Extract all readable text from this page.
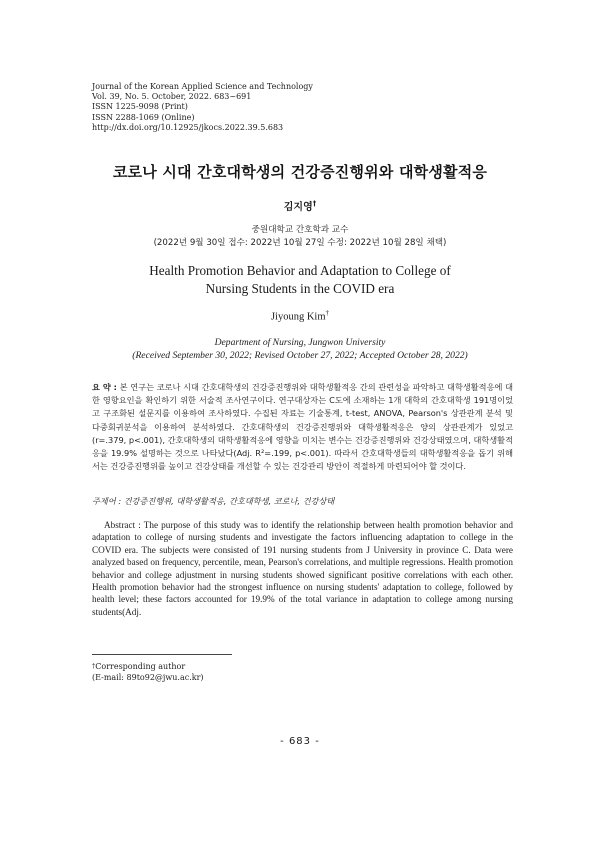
Journal of the Korean Applied Science and Technology
Vol. 39, No. 5. October, 2022. 683~691
ISSN 1225-9098 (Print)
ISSN 2288-1069 (Online)
http://dx.doi.org/10.12925/jkocs.2022.39.5.683
코로나 시대 간호대학생의 건강증진행위와 대학생활적응
김지영†
중원대학교 간호학과 교수
(2022년 9월 30일 접수: 2022년 10월 27일 수정: 2022년 10월 28일 채택)
Health Promotion Behavior and Adaptation to College of
Nursing Students in the COVID era
Jiyoung Kim†
Department of Nursing, Jungwon University
(Received September 30, 2022; Revised October 27, 2022; Accepted October 28, 2022)
요 약 : 본 연구는 코로나 시대 간호대학생의 건강증진행위와 대학생활적응 간의 관련성을 파악하고 대학생활적응에 대한 영향요인을 확인하기 위한 서술적 조사연구이다. 연구대상자는 C도에 소재하는 1개 대학의 간호대학생 191명이었고 구조화된 설문지를 이용하여 조사하였다. 수집된 자료는 기술통계, t-test, ANOVA, Pearson's 상관관계 분석 및 다중회귀분석을 이용하여 분석하였다. 간호대학생의 건강증진행위와 대학생활적응은 양의 상관관계가 있었고(r=.379, p<.001), 간호대학생의 대학생활적응에 영향을 미치는 변수는 건강증진행위와 건강상태였으며, 대학생활적응을 19.9% 설명하는 것으로 나타났다(Adj. R²=.199, p<.001). 따라서 간호대학생들의 대학생활적응을 돕기 위해서는 건강증진행위를 높이고 건강상태를 개선할 수 있는 건강관리 방안이 적절하게 마련되어야 할 것이다.
주제어 : 건강증진행위, 대학생활적응, 간호대학생, 코로나, 건강상태
Abstract : The purpose of this study was to identify the relationship between health promotion behavior and adaptation to college of nursing students and investigate the factors influencing adaptation to college in the COVID era. The subjects were consisted of 191 nursing students from J University in province C. Data were analyzed based on frequency, percentile, mean, Pearson's correlations, and multiple regressions. Health promotion behavior and college adjustment in nursing students showed significant positive correlations with each other. Health promotion behavior had the strongest influence on nursing students' adaptation to college, followed by health level; these factors accounted for 19.9% of the total variance in adaptation to college among nursing students(Adj.
†Corresponding author
(E-mail: 89to92@jwu.ac.kr)
- 683 -
